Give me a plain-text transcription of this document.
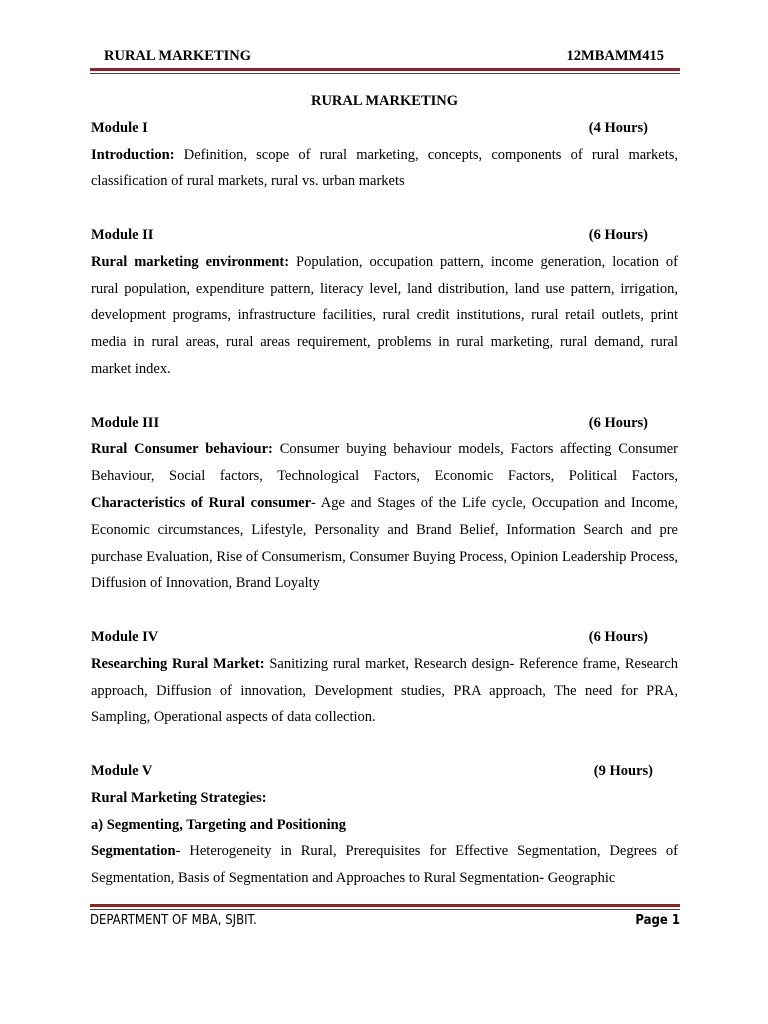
RURAL MARKETING	12MBAMM415
RURAL MARKETING
Module I	(4 Hours)

Introduction: Definition, scope of rural marketing, concepts, components of rural markets, classification of rural markets, rural vs. urban markets

Module II	(6 Hours)

Rural marketing environment: Population, occupation pattern, income generation, location of rural population, expenditure pattern, literacy level, land distribution, land use pattern, irrigation, development programs, infrastructure facilities, rural credit institutions, rural retail outlets, print media in rural areas, rural areas requirement, problems in rural marketing, rural demand, rural market index.

Module III	(6 Hours)

Rural Consumer behaviour: Consumer buying behaviour models, Factors affecting Consumer Behaviour, Social factors, Technological Factors, Economic Factors, Political Factors, Characteristics of Rural consumer- Age and Stages of the Life cycle, Occupation and Income, Economic circumstances, Lifestyle, Personality and Brand Belief, Information Search and pre purchase Evaluation, Rise of Consumerism, Consumer Buying Process, Opinion Leadership Process, Diffusion of Innovation, Brand Loyalty

Module IV	(6 Hours)

Researching Rural Market: Sanitizing rural market, Research design- Reference frame, Research approach, Diffusion of innovation, Development studies, PRA approach, The need for PRA, Sampling, Operational aspects of data collection.

Module V	(9 Hours)

Rural Marketing Strategies:

a) Segmenting, Targeting and Positioning

Segmentation- Heterogeneity in Rural, Prerequisites for Effective Segmentation, Degrees of Segmentation, Basis of Segmentation and Approaches to Rural Segmentation- Geographic

DEPARTMENT OF MBA, SJBIT.	Page 1
